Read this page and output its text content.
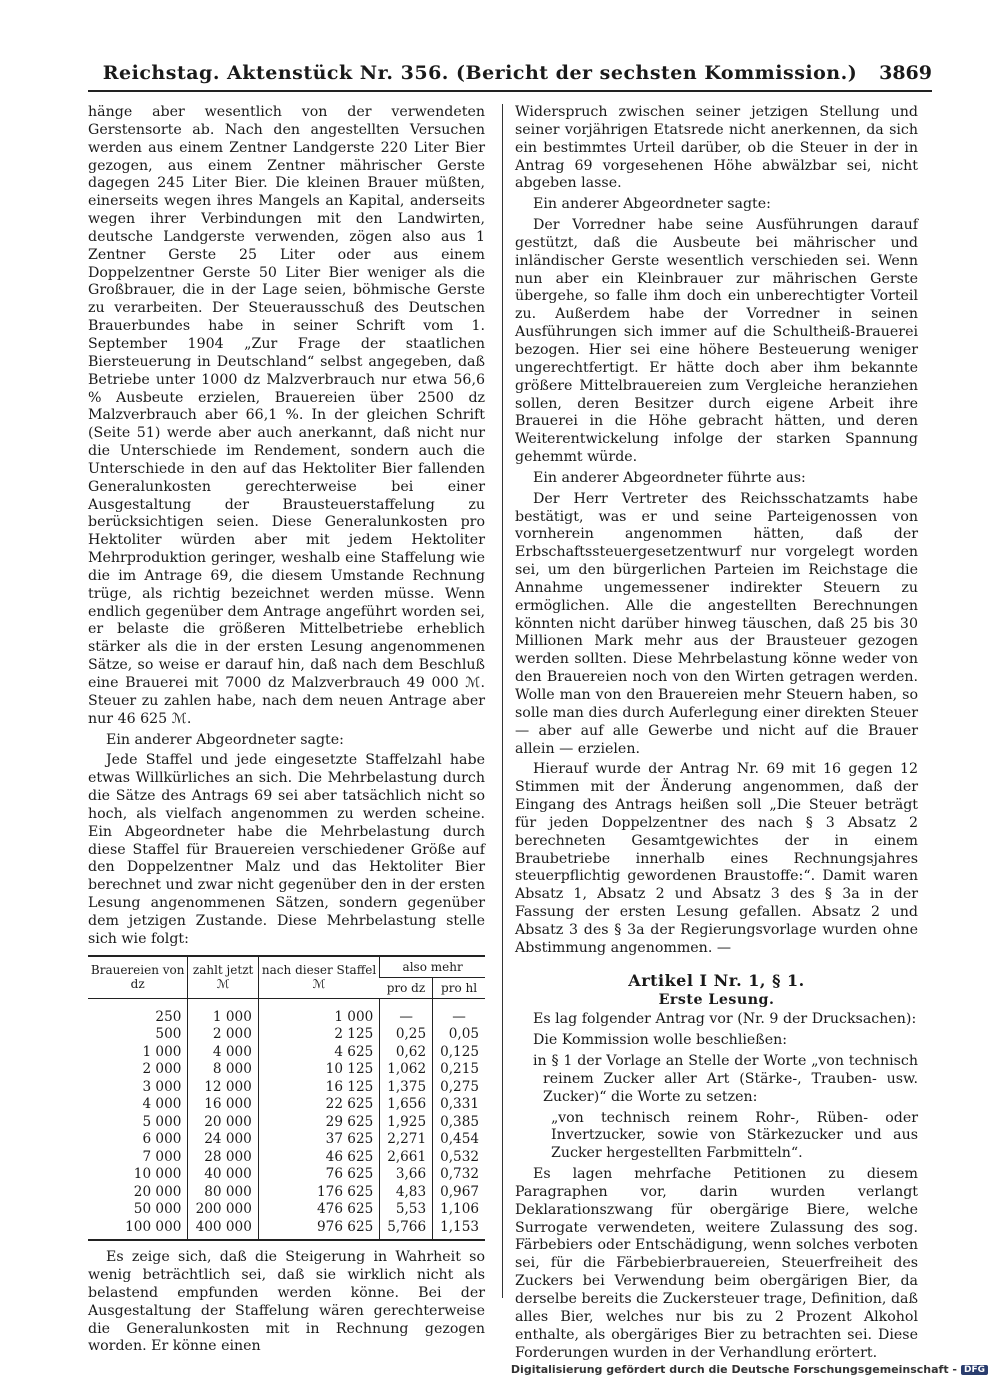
Reichstag. Aktenstück Nr. 356. (Bericht der sechsten Kommission.)	3869

hänge aber wesentlich von der verwendeten Gerstensorte ab. Nach den angestellten Versuchen werden aus einem Zentner Landgerste 220 Liter Bier gezogen, aus einem Zentner mährischer Gerste dagegen 245 Liter Bier. Die kleinen Brauer müßten, einerseits wegen ihres Mangels an Kapital, anderseits wegen ihrer Verbindungen mit den Landwirten, deutsche Landgerste verwenden, zögen also aus 1 Zentner Gerste 25 Liter oder aus einem Doppelzentner Gerste 50 Liter Bier weniger als die Großbrauer, die in der Lage seien, böhmische Gerste zu verarbeiten. Der Steuerausschuß des Deutschen Brauerbundes habe in seiner Schrift vom 1. September 1904 „Zur Frage der staatlichen Biersteuerung in Deutschland“ selbst angegeben, daß Betriebe unter 1000 dz Malzverbrauch nur etwa 56,6 % Ausbeute erzielen, Brauereien über 2500 dz Malzverbrauch aber 66,1 %. In der gleichen Schrift (Seite 51) werde aber auch anerkannt, daß nicht nur die Unterschiede im Rendement, sondern auch die Unterschiede in den auf das Hektoliter Bier fallenden Generalunkosten gerechterweise bei einer Ausgestaltung der Brausteuerstaffelung zu berücksichtigen seien. Diese Generalunkosten pro Hektoliter würden aber mit jedem Hektoliter Mehrproduktion geringer, weshalb eine Staffelung wie die im Antrage 69, die diesem Umstande Rechnung trüge, als richtig bezeichnet werden müsse. Wenn endlich gegenüber dem Antrage angeführt worden sei, er belaste die größeren Mittelbetriebe erheblich stärker als die in der ersten Lesung angenommenen Sätze, so weise er darauf hin, daß nach dem Beschluß eine Brauerei mit 7000 dz Malzverbrauch 49 000 ℳ. Steuer zu zahlen habe, nach dem neuen Antrage aber nur 46 625 ℳ.

Ein anderer Abgeordneter sagte:

Jede Staffel und jede eingesetzte Staffelzahl habe etwas Willkürliches an sich. Die Mehrbelastung durch die Sätze des Antrags 69 sei aber tatsächlich nicht so hoch, als vielfach angenommen zu werden scheine. Ein Abgeordneter habe die Mehrbelastung durch diese Staffel für Brauereien verschiedener Größe auf den Doppelzentner Malz und das Hektoliter Bier berechnet und zwar nicht gegenüber den in der ersten Lesung angenommenen Sätzen, sondern gegenüber dem jetzigen Zustande. Diese Mehrbelastung stelle sich wie folgt:

Brauereien von
dz	zahlt jetzt
ℳ	nach dieser Staffel
ℳ	also mehr	
			pro dz	pro hl

250	1 000	1 000	—	—
500	2 000	2 125	0,25	0,05
1 000	4 000	4 625	0,62	0,125
2 000	8 000	10 125	1,062	0,215
3 000	12 000	16 125	1,375	0,275
4 000	16 000	22 625	1,656	0,331
5 000	20 000	29 625	1,925	0,385
6 000	24 000	37 625	2,271	0,454
7 000	28 000	46 625	2,661	0,532
10 000	40 000	76 625	3,66	0,732
20 000	80 000	176 625	4,83	0,967
50 000	200 000	476 625	5,53	1,106
100 000	400 000	976 625	5,766	1,153

Es zeige sich, daß die Steigerung in Wahrheit so wenig beträchtlich sei, daß sie wirklich nicht als belastend empfunden werden könne. Bei der Ausgestaltung der Staffelung wären gerechterweise die Generalunkosten mit in Rechnung gezogen worden. Er könne einen

Widerspruch zwischen seiner jetzigen Stellung und seiner vorjährigen Etatsrede nicht anerkennen, da sich ein bestimmtes Urteil darüber, ob die Steuer in der in Antrag 69 vorgesehenen Höhe abwälzbar sei, nicht abgeben lasse.

Ein anderer Abgeordneter sagte:

Der Vorredner habe seine Ausführungen darauf gestützt, daß die Ausbeute bei mährischer und inländischer Gerste wesentlich verschieden sei. Wenn nun aber ein Kleinbrauer zur mährischen Gerste übergehe, so falle ihm doch ein unberechtigter Vorteil zu. Außerdem habe der Vorredner in seinen Ausführungen sich immer auf die Schultheiß-Brauerei bezogen. Hier sei eine höhere Besteuerung weniger ungerechtfertigt. Er hätte doch aber ihm bekannte größere Mittelbrauereien zum Vergleiche heranziehen sollen, deren Besitzer durch eigene Arbeit ihre Brauerei in die Höhe gebracht hätten, und deren Weiterentwickelung infolge der starken Spannung gehemmt würde.

Ein anderer Abgeordneter führte aus:

Der Herr Vertreter des Reichsschatzamts habe bestätigt, was er und seine Parteigenossen von vornherein angenommen hätten, daß der Erbschaftssteuergesetzentwurf nur vorgelegt worden sei, um den bürgerlichen Parteien im Reichstage die Annahme ungemessener indirekter Steuern zu ermöglichen. Alle die angestellten Berechnungen könnten nicht darüber hinweg täuschen, daß 25 bis 30 Millionen Mark mehr aus der Brausteuer gezogen werden sollten. Diese Mehrbelastung könne weder von den Brauereien noch von den Wirten getragen werden. Wolle man von den Brauereien mehr Steuern haben, so solle man dies durch Auferlegung einer direkten Steuer — aber auf alle Gewerbe und nicht auf die Brauer allein — erzielen.

Hierauf wurde der Antrag Nr. 69 mit 16 gegen 12 Stimmen mit der Änderung angenommen, daß der Eingang des Antrags heißen soll „Die Steuer beträgt für jeden Doppelzentner des nach § 3 Absatz 2 berechneten Gesamtgewichtes der in einem Braubetriebe innerhalb eines Rechnungsjahres steuerpflichtig gewordenen Braustoffe:“. Damit waren Absatz 1, Absatz 2 und Absatz 3 des § 3a in der Fassung der ersten Lesung gefallen. Absatz 2 und Absatz 3 des § 3a der Regierungsvorlage wurden ohne Abstimmung angenommen. —

Artikel I Nr. 1, § 1.
Erste Lesung.

Es lag folgender Antrag vor (Nr. 9 der Drucksachen):

Die Kommission wolle beschließen:

in § 1 der Vorlage an Stelle der Worte „von technisch reinem Zucker aller Art (Stärke-, Trauben- usw. Zucker)“ die Worte zu setzen:

„von technisch reinem Rohr-, Rüben- oder Invertzucker, sowie von Stärkezucker und aus Zucker hergestellten Farbmitteln“.

Es lagen mehrfache Petitionen zu diesem Paragraphen vor, darin wurden verlangt Deklarationszwang für obergärige Biere, welche Surrogate verwendeten, weitere Zulassung des sog. Färbebiers oder Entschädigung, wenn solches verboten sei, für die Färbebierbrauereien, Steuerfreiheit des Zuckers bei Verwendung beim obergärigen Bier, da derselbe bereits die Zuckersteuer trage, Definition, daß alles Bier, welches nur bis zu 2 Prozent Alkohol enthalte, als obergäriges Bier zu betrachten sei. Diese Forderungen wurden in der Verhandlung erörtert.

Digitalisierung gefördert durch die Deutsche Forschungsgemeinschaft - DFG
